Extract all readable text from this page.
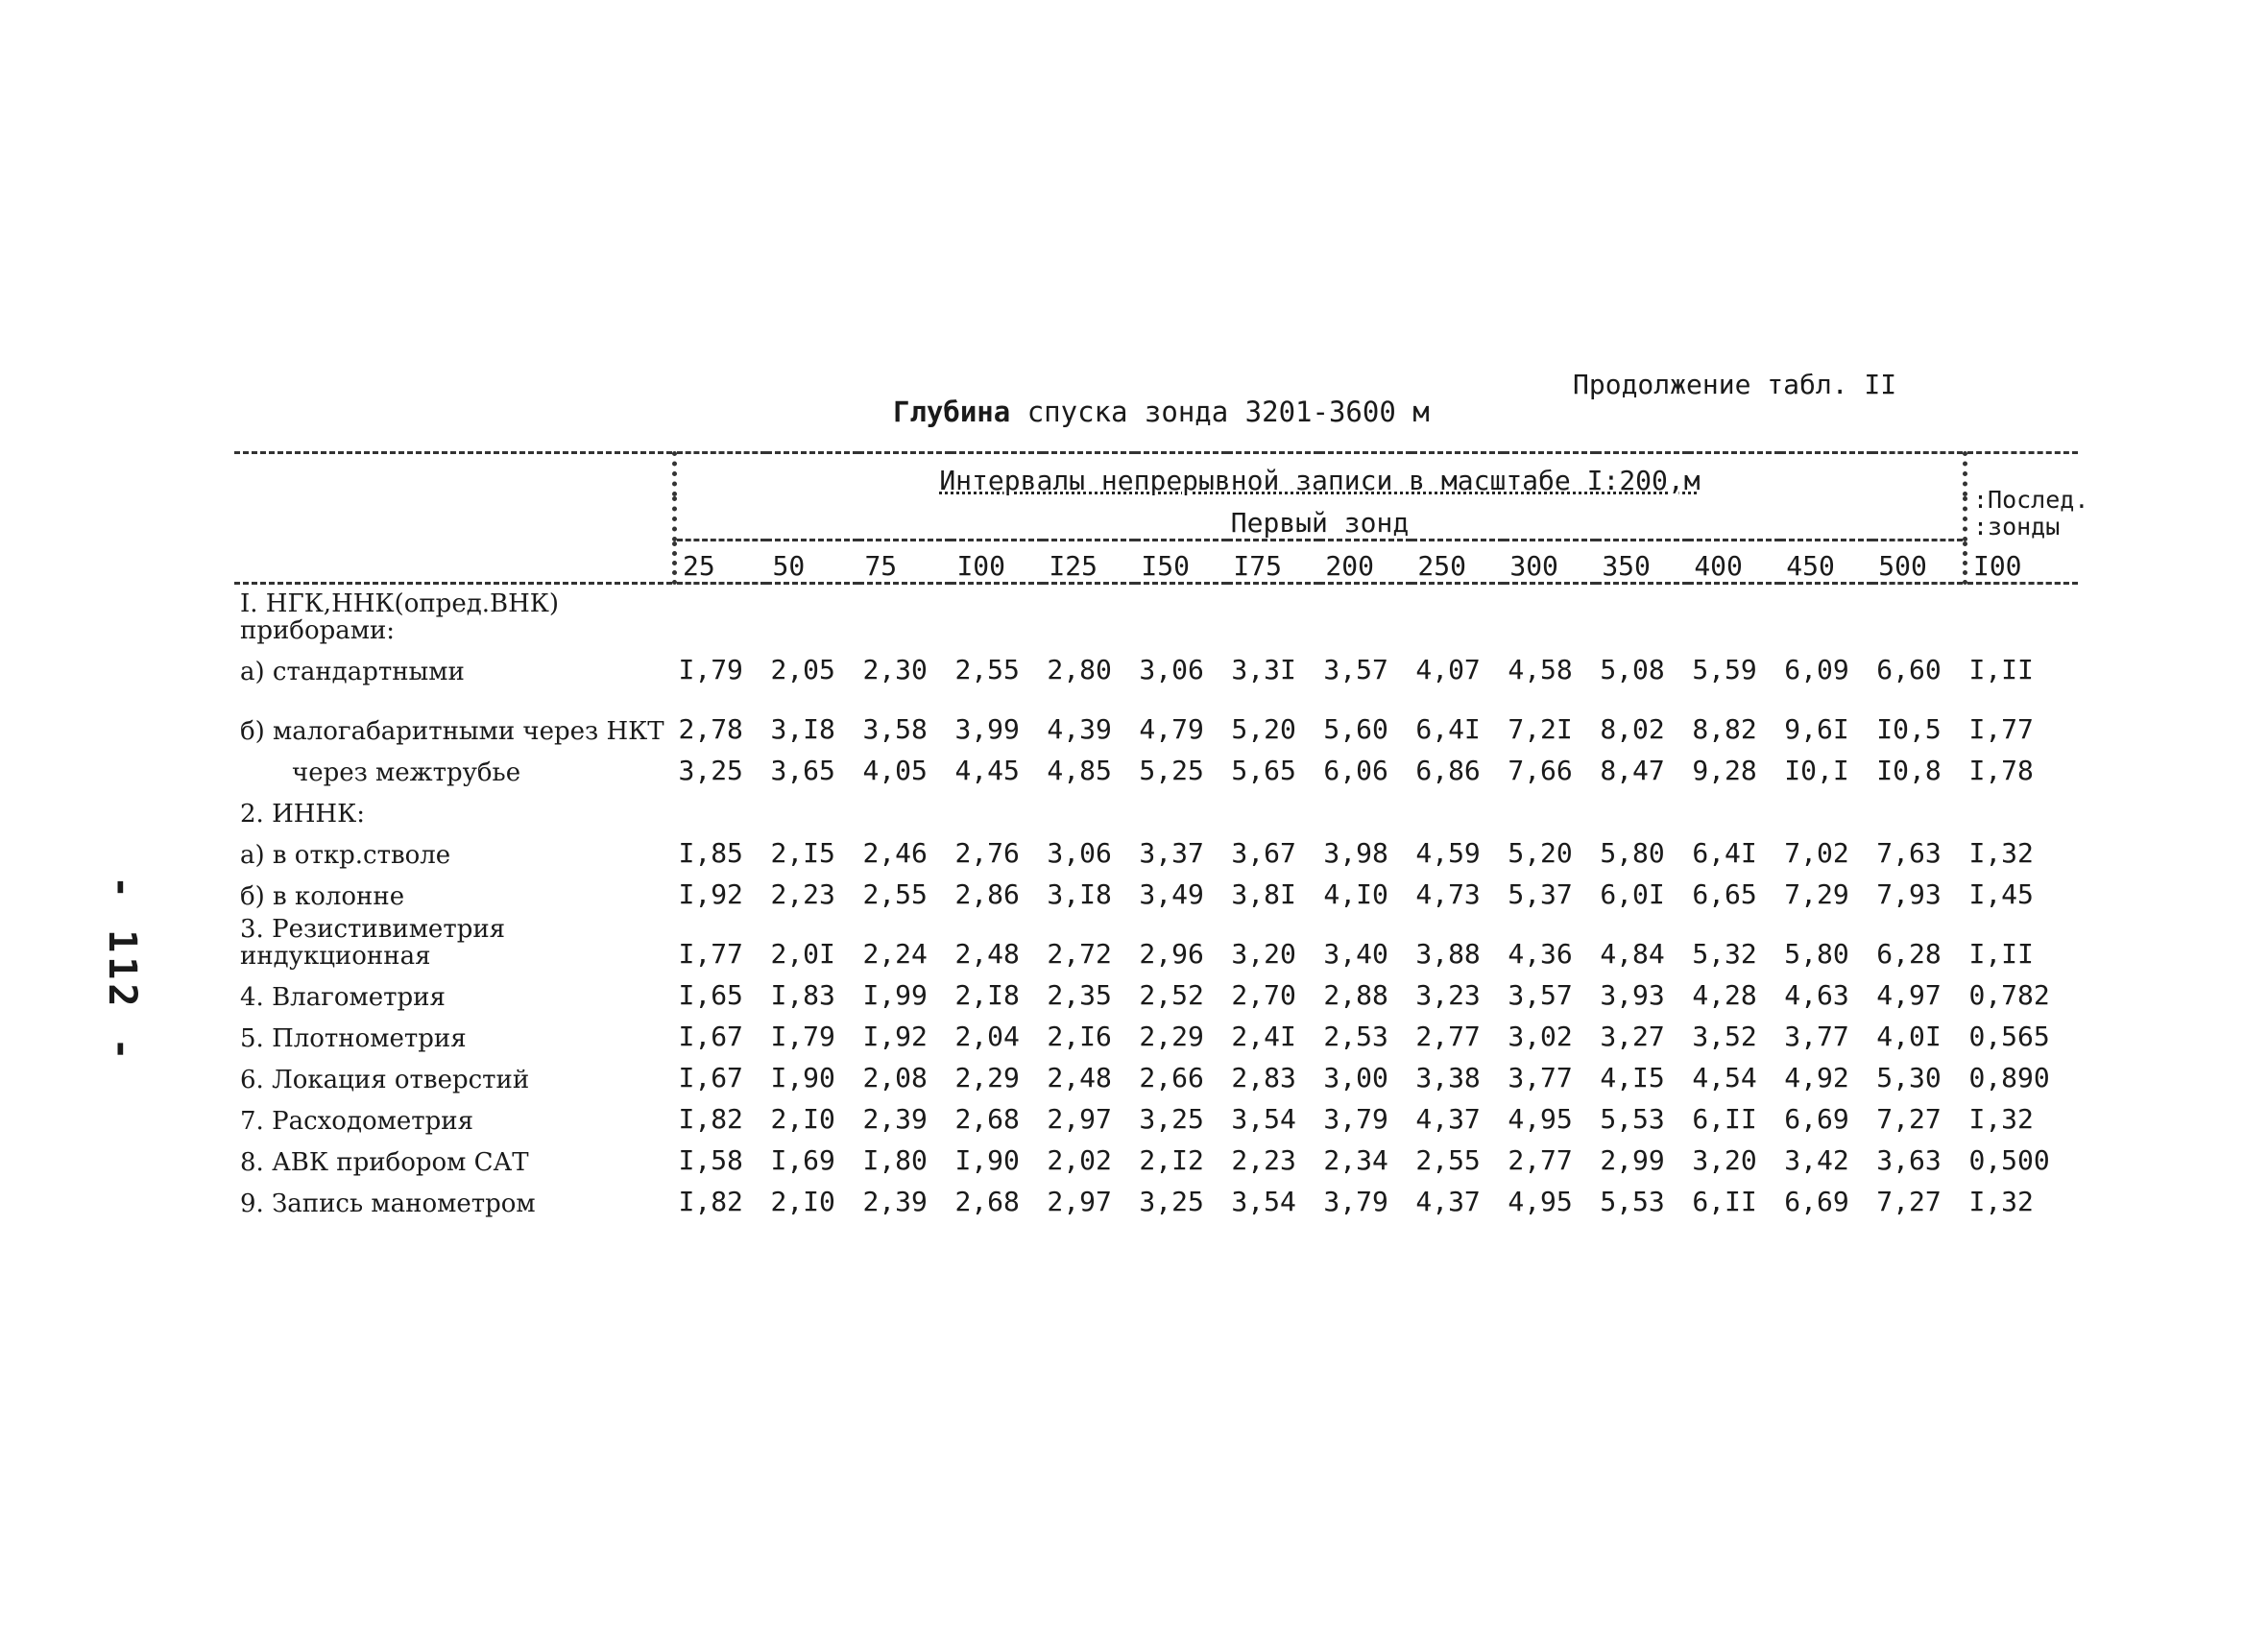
- 112 -
Продолжение табл. II
Глубина спуска зонда 3201-3600 м
	Интервалы непрерывной записи в масштабе I:200,м														:Послед. :зонды
	Первый зонд														
	25	50	75	I00	I25	I50	I75	200	250	300	350	400	450	500	I00
I. НГК,ННК(опред.ВНК) приборами:															
а) стандартными	I,79	2,05	2,30	2,55	2,80	3,06	3,3I	3,57	4,07	4,58	5,08	5,59	6,09	6,60	I,II
б) малогабаритными через НКТ	2,78	3,I8	3,58	3,99	4,39	4,79	5,20	5,60	6,4I	7,2I	8,02	8,82	9,6I	I0,5	I,77
через межтрубье	3,25	3,65	4,05	4,45	4,85	5,25	5,65	6,06	6,86	7,66	8,47	9,28	I0,I	I0,8	I,78
2. ИННК:															
а) в откр.стволе	I,85	2,I5	2,46	2,76	3,06	3,37	3,67	3,98	4,59	5,20	5,80	6,4I	7,02	7,63	I,32
б) в колонне	I,92	2,23	2,55	2,86	3,I8	3,49	3,8I	4,I0	4,73	5,37	6,0I	6,65	7,29	7,93	I,45
3. Резистивиметрия индукционная	I,77	2,0I	2,24	2,48	2,72	2,96	3,20	3,40	3,88	4,36	4,84	5,32	5,80	6,28	I,II
4. Влагометрия	I,65	I,83	I,99	2,I8	2,35	2,52	2,70	2,88	3,23	3,57	3,93	4,28	4,63	4,97	0,782
5. Плотнометрия	I,67	I,79	I,92	2,04	2,I6	2,29	2,4I	2,53	2,77	3,02	3,27	3,52	3,77	4,0I	0,565
6. Локация отверстий	I,67	I,90	2,08	2,29	2,48	2,66	2,83	3,00	3,38	3,77	4,I5	4,54	4,92	5,30	0,890
7. Расходометрия	I,82	2,I0	2,39	2,68	2,97	3,25	3,54	3,79	4,37	4,95	5,53	6,II	6,69	7,27	I,32
8. АВК прибором САТ	I,58	I,69	I,80	I,90	2,02	2,I2	2,23	2,34	2,55	2,77	2,99	3,20	3,42	3,63	0,500
9. Запись манометром	I,82	2,I0	2,39	2,68	2,97	3,25	3,54	3,79	4,37	4,95	5,53	6,II	6,69	7,27	I,32
